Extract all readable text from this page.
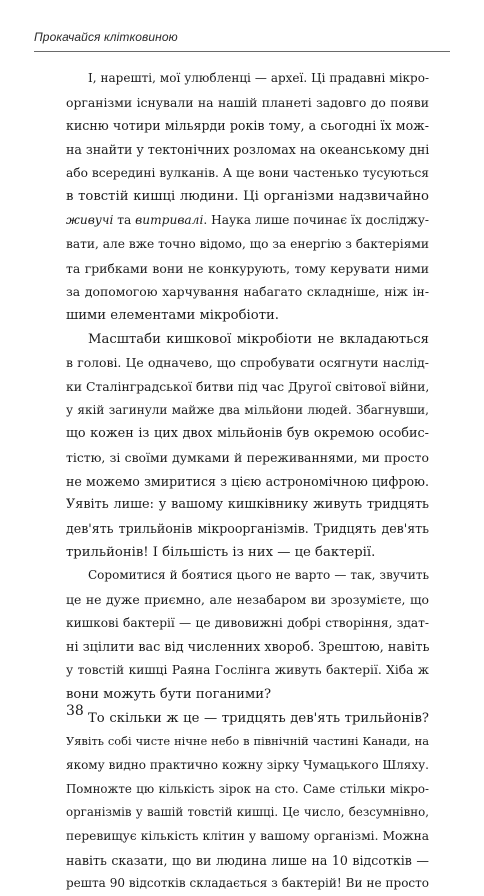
Прокачайся клітковиною
І, нарешті, мої улюбленці — археї. Ці прадавні мікро-
організми існували на нашій планеті задовго до появи
кисню чотири мільярди років тому, а сьогодні їх мож-
на знайти у тектонічних розломах на океанському дні
або всередині вулканів. А ще вони частенько тусуються
в товстій кишці людини. Ці організми надзвичайно
живучі та витривалі. Наука лише починає їх досліджу-
вати, але вже точно відомо, що за енергію з бактеріями
та грибками вони не конкурують, тому керувати ними
за допомогою харчування набагато складніше, ніж ін-
шими елементами мікробіоти.
Масштаби кишкової мікробіоти не вкладаються
в голові. Це одначево, що спробувати осягнути наслід-
ки Сталінградської битви під час Другої світової війни,
у якій загинули майже два мільйони людей. Збагнувши,
що кожен із цих двох мільйонів був окремою особис-
тістю, зі своїми думками й переживаннями, ми просто
не можемо змиритися з цією астрономічною цифрою.
Уявіть лише: у вашому кишківнику живуть тридцять
дев'ять трильйонів мікроорганізмів. Тридцять дев'ять
трильйонів! І більшість із них — це бактерії.
Соромитися й боятися цього не варто — так, звучить
це не дуже приємно, але незабаром ви зрозумієте, що
кишкові бактерії — це дивовижні добрі створіння, здат-
ні зцілити вас від численних хвороб. Зрештою, навіть
у товстій кишці Раяна Гослінга живуть бактерії. Хіба ж
вони можуть бути поганими?
То скільки ж це — тридцять дев'ять трильйонів?
Уявіть собі чисте нічне небо в північній частині Канади, на
якому видно практично кожну зірку Чумацького Шляху.
Помножте цю кількість зірок на сто. Саме стільки мікро-
організмів у вашій товстій кишці. Це число, безсумнівно,
перевищує кількість клітин у вашому організмі. Можна
навіть сказати, що ви людина лише на 10 відсотків —
решта 90 відсотків складається з бактерій! Ви не просто
38
